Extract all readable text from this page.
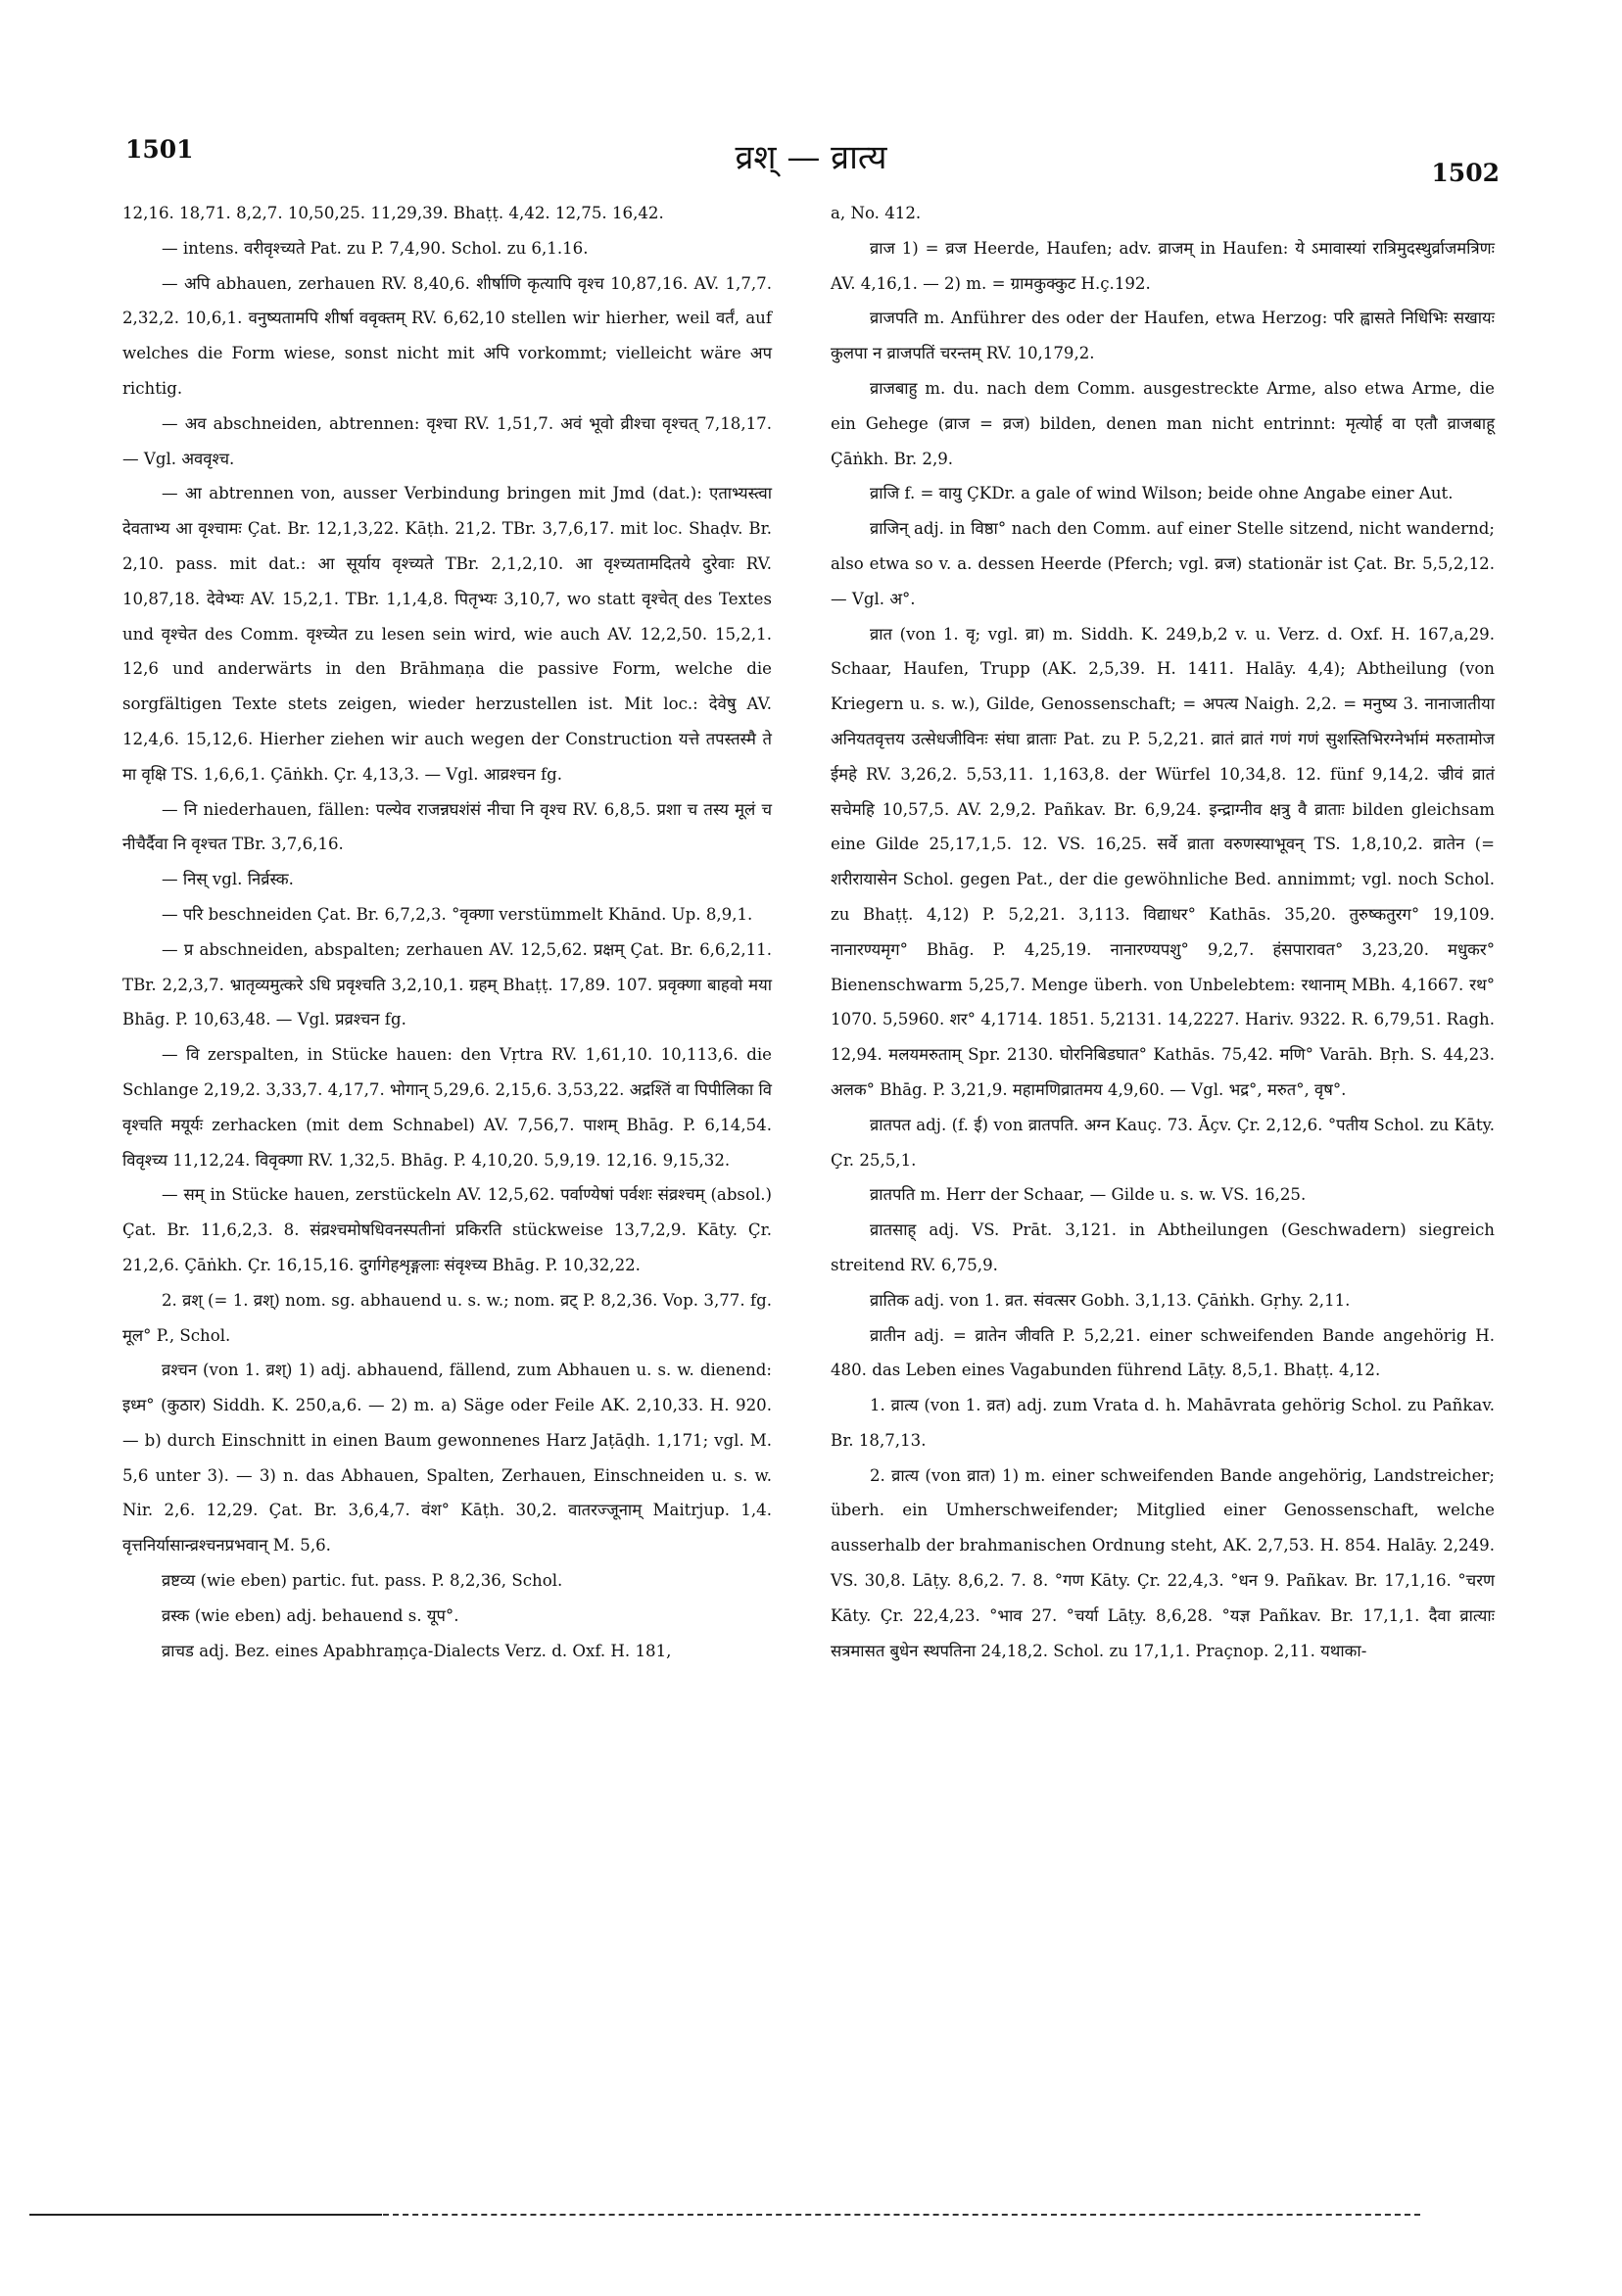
1501	व्रश् — व्रात्य	1502

12,16. 18,71. 8,2,7. 10,50,25. 11,29,39. Bhaṭṭ. 4,42. 12,75. 16,42.

— intens. वरीवृश्च्यते Pat. zu P. 7,4,90. Schol. zu 6,1.16.

— अपि abhauen, zerhauen RV. 8,40,6. शीर्षाणि कृत्यापि वृश्च 10,87,16. AV. 1,7,7. 2,32,2. 10,6,1. वनुष्यतामपि शीर्षा ववृक्तम् RV. 6,62,10 stellen wir hierher, weil वर्तं, auf welches die Form wiese, sonst nicht mit अपि vorkommt; vielleicht wäre अप richtig.

— अव abschneiden, abtrennen: वृश्चा RV. 1,51,7. अवं भूवाे व्रीश्चा वृश्चत् 7,18,17. — Vgl. अववृश्च.

— आ abtrennen von, ausser Verbindung bringen mit Jmd (dat.): एताभ्यस्त्वा देवताभ्य आ वृश्चामः Çat. Br. 12,1,3,22. Kāṭh. 21,2. TBr. 3,7,6,17. mit loc. Shaḍv. Br. 2,10. pass. mit dat.: आ सूर्याय वृश्च्यते TBr. 2,1,2,10. आ वृश्च्यतामदितये दुरेवाः RV. 10,87,18. देवेभ्यः AV. 15,2,1. TBr. 1,1,4,8. पितृभ्यः 3,10,7, wo statt वृश्चेत् des Textes und वृश्चेत des Comm. वृश्च्येत zu lesen sein wird, wie auch AV. 12,2,50. 15,2,1. 12,6 und anderwärts in den Brāhmaṇa die passive Form, welche die sorgfältigen Texte stets zeigen, wieder herzustellen ist. Mit loc.: देवेषु AV. 12,4,6. 15,12,6. Hierher ziehen wir auch wegen der Construction यत्ते तपस्तस्मै ते मा वृक्षि TS. 1,6,6,1. Çāṅkh. Çr. 4,13,3. — Vgl. आव्रश्चन fg.

— नि niederhauen, fällen: पल्येव राजन्नघशंसं नीचा नि वृश्च RV. 6,8,5. प्रशा च तस्य मूलं च नीचैर्दैवा नि वृश्चत TBr. 3,7,6,16.

— निस् vgl. निर्व्रस्क.

— परि beschneiden Çat. Br. 6,7,2,3. °वृक्णा verstümmelt Khānd. Up. 8,9,1.

— प्र abschneiden, abspalten; zerhauen AV. 12,5,62. प्रक्षम् Çat. Br. 6,6,2,11. TBr. 2,2,3,7. भ्रातृव्यमुत्करे ऽधि प्रवृश्चति 3,2,10,1. ग्रहम् Bhaṭṭ. 17,89. 107. प्रवृक्णा बाहवो मया Bhāg. P. 10,63,48. — Vgl. प्रव्रश्चन fg.

— वि zerspalten, in Stücke hauen: den Vṛtra RV. 1,61,10. 10,113,6. die Schlange 2,19,2. 3,33,7. 4,17,7. भोगान् 5,29,6. 2,15,6. 3,53,22. अद्रश्तिं वा पिपीलिका वि वृश्चति मयूर्यः zerhacken (mit dem Schnabel) AV. 7,56,7. पाशम् Bhāg. P. 6,14,54. विवृश्च्य 11,12,24. विवृक्णा RV. 1,32,5. Bhāg. P. 4,10,20. 5,9,19. 12,16. 9,15,32.

— सम् in Stücke hauen, zerstückeln AV. 12,5,62. पर्वाण्येषां पर्वशः संव्रश्चम् (absol.) Çat. Br. 11,6,2,3. 8. संव्रश्चमोषधिवनस्पतीनां प्रकिरति stückweise 13,7,2,9. Kāty. Çr. 21,2,6. Çāṅkh. Çr. 16,15,16. दुर्गागेहशृङ्गलाः संवृश्च्य Bhāg. P. 10,32,22.

2. व्रश् (= 1. व्रश्) nom. sg. abhauend u. s. w.; nom. व्रट् P. 8,2,36. Vop. 3,77. fg. मूल° P., Schol.

व्रश्चन (von 1. व्रश्) 1) adj. abhauend, fällend, zum Abhauen u. s. w. dienend: इध्म° (कुठार) Siddh. K. 250,a,6. — 2) m. a) Säge oder Feile AK. 2,10,33. H. 920. — b) durch Einschnitt in einen Baum gewonnenes Harz Jaṭāḍh. 1,171; vgl. M. 5,6 unter 3). — 3) n. das Abhauen, Spalten, Zerhauen, Einschneiden u. s. w. Nir. 2,6. 12,29. Çat. Br. 3,6,4,7. वंश° Kāṭh. 30,2. वातरज्जूनाम् Maitrjup. 1,4. वृत्तनिर्यासान्व्रश्चनप्रभवान् M. 5,6.

व्रष्टव्य (wie eben) partic. fut. pass. P. 8,2,36, Schol.

व्रस्क (wie eben) adj. behauend s. यूप°.

व्राचड adj. Bez. eines Apabhraṃça-Dialects Verz. d. Oxf. H. 181,

a, No. 412.

व्राज 1) = व्रज Heerde, Haufen; adv. व्राजम् in Haufen: ये ऽमावास्यां रात्रिमुदस्थुर्व्राजमत्रिणः AV. 4,16,1. — 2) m. = ग्रामकुक्कुट H.ç.192.

व्राजपति m. Anführer des oder der Haufen, etwa Herzog: परि ह्वासते निधिभिः सखायः कुलपा न व्राजपतिं चरन्तम् RV. 10,179,2.

व्राजबाहु m. du. nach dem Comm. ausgestreckte Arme, also etwa Arme, die ein Gehege (व्राज = व्रज) bilden, denen man nicht entrinnt: मृत्योर्ह वा एतौ व्राजबाहू Çāṅkh. Br. 2,9.

व्राजि f. = वायु ÇKDr. a gale of wind Wilson; beide ohne Angabe einer Aut.

व्राजिन् adj. in विष्ठा° nach den Comm. auf einer Stelle sitzend, nicht wandernd; also etwa so v. a. dessen Heerde (Pferch; vgl. व्रज) stationär ist Çat. Br. 5,5,2,12. — Vgl. अ°.

व्रात (von 1. वृ; vgl. व्रा) m. Siddh. K. 249,b,2 v. u. Verz. d. Oxf. H. 167,a,29. Schaar, Haufen, Trupp (AK. 2,5,39. H. 1411. Halāy. 4,4); Abtheilung (von Kriegern u. s. w.), Gilde, Genossenschaft; = अपत्य Naigh. 2,2. = मनुष्य 3. नानाजातीया अनियतवृत्तय उत्सेधजीविनः संघा व्राताः Pat. zu P. 5,2,21. व्रातं व्रातं गणं गणं सुशस्तिभिरग्नेर्भामं मरुतामोज ईमहे RV. 3,26,2. 5,53,11. 1,163,8. der Würfel 10,34,8. 12. fünf 9,14,2. ज्रीवं व्रातं सचेमहि 10,57,5. AV. 2,9,2. Pañkav. Br. 6,9,24. इन्द्राग्नीव क्षत्रु वै व्राताः bilden gleichsam eine Gilde 25,17,1,5. 12. VS. 16,25. सर्वे व्राता वरुणस्याभूवन् TS. 1,8,10,2. व्रातेन (= शरीरायासेन Schol. gegen Pat., der die gewöhnliche Bed. annimmt; vgl. noch Schol. zu Bhaṭṭ. 4,12) P. 5,2,21. 3,113. विद्याधर° Kathās. 35,20. तुरुष्कतुरग° 19,109. नानारण्यमृग° Bhāg. P. 4,25,19. नानारण्यपशु° 9,2,7. हंसपारावत° 3,23,20. मधुकर° Bienenschwarm 5,25,7. Menge überh. von Unbelebtem: रथानाम् MBh. 4,1667. रथ° 1070. 5,5960. शर° 4,1714. 1851. 5,2131. 14,2227. Hariv. 9322. R. 6,79,51. Ragh. 12,94. मलयमरुताम् Spr. 2130. घोरनिबिडघात° Kathās. 75,42. मणि° Varāh. Bṛh. S. 44,23. अलक° Bhāg. P. 3,21,9. महामणिव्रातमय 4,9,60. — Vgl. भद्र°, मरुत°, वृष°.

व्रातपत adj. (f. ई) von व्रातपति. अग्न Kauç. 73. Āçv. Çr. 2,12,6. °पतीय Schol. zu Kāty. Çr. 25,5,1.

व्रातपति m. Herr der Schaar, — Gilde u. s. w. VS. 16,25.

व्रातसाह् adj. VS. Prāt. 3,121. in Abtheilungen (Geschwadern) siegreich streitend RV. 6,75,9.

व्रातिक adj. von 1. व्रत. संवत्सर Gobh. 3,1,13. Çāṅkh. Gṛhy. 2,11.

व्रातीन adj. = व्रातेन जीवति P. 5,2,21. einer schweifenden Bande angehörig H. 480. das Leben eines Vagabunden führend Lāṭy. 8,5,1. Bhaṭṭ. 4,12.

1. व्रात्य (von 1. व्रत) adj. zum Vrata d. h. Mahāvrata gehörig Schol. zu Pañkav. Br. 18,7,13.

2. व्रात्य (von व्रात) 1) m. einer schweifenden Bande angehörig, Landstreicher; überh. ein Umherschweifender; Mitglied einer Genossenschaft, welche ausserhalb der brahmanischen Ordnung steht, AK. 2,7,53. H. 854. Halāy. 2,249. VS. 30,8. Lāṭy. 8,6,2. 7. 8. °गण Kāty. Çr. 22,4,3. °धन 9. Pañkav. Br. 17,1,16. °चरण Kāty. Çr. 22,4,23. °भाव 27. °चर्या Lāṭy. 8,6,28. °यज्ञ Pañkav. Br. 17,1,1. दैवा व्रात्याः सत्रमासत बुधेन स्थपतिना 24,18,2. Schol. zu 17,1,1. Praçnop. 2,11. यथाका-
